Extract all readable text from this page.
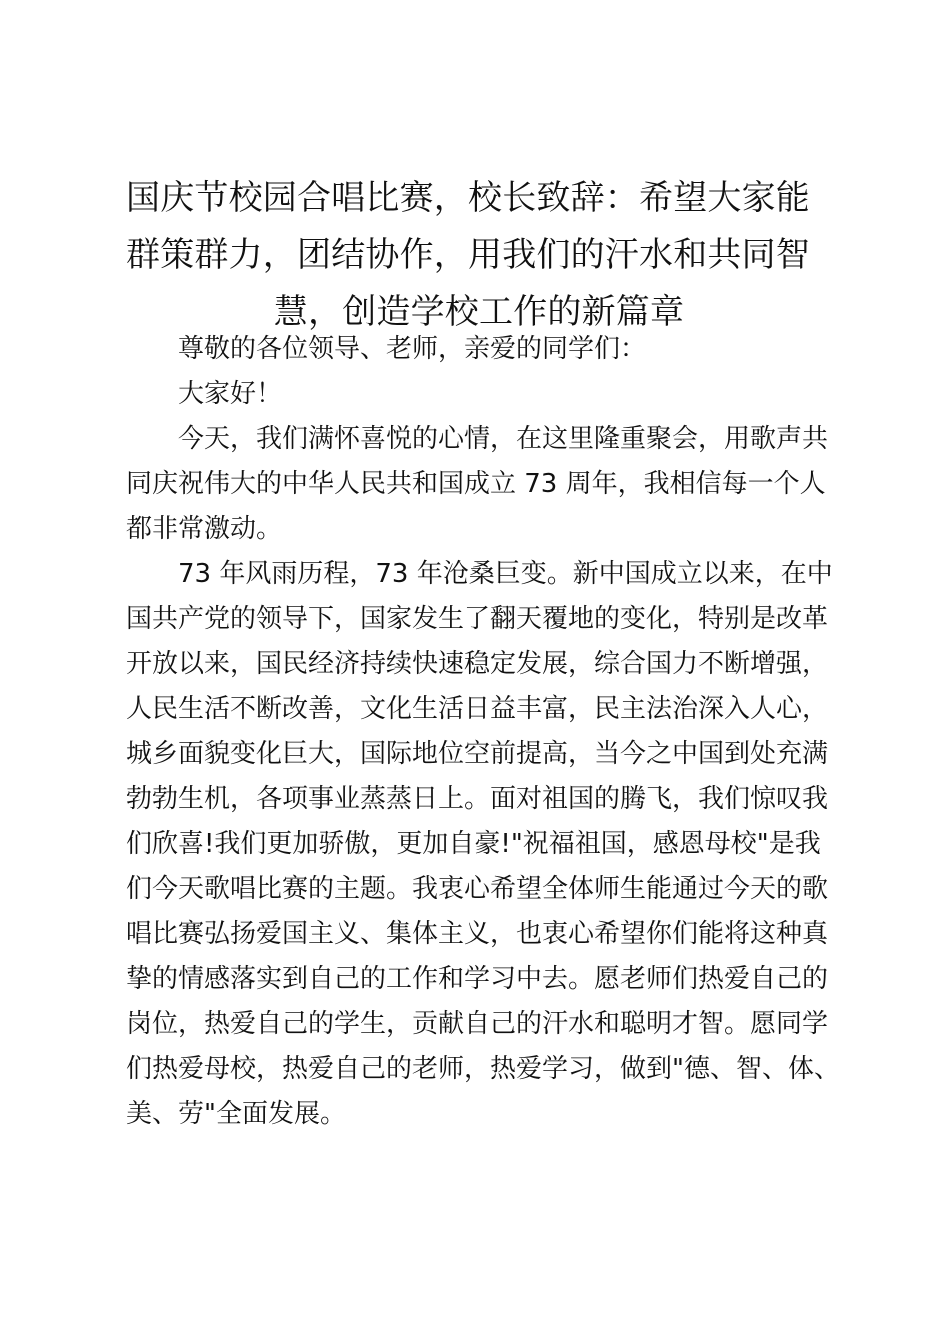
国庆节校园合唱比赛，校长致辞：希望大家能
群策群力，团结协作，用我们的汗水和共同智
慧，创造学校工作的新篇章
尊敬的各位领导、老师，亲爱的同学们：
大家好！
今天，我们满怀喜悦的心情，在这里隆重聚会，用歌声共
同庆祝伟大的中华人民共和国成立 73 周年，我相信每一个人
都非常激动。
73 年风雨历程，73 年沧桑巨变。新中国成立以来，在中
国共产党的领导下，国家发生了翻天覆地的变化，特别是改革
开放以来，国民经济持续快速稳定发展，综合国力不断增强，
人民生活不断改善，文化生活日益丰富，民主法治深入人心，
城乡面貌变化巨大，国际地位空前提高，当今之中国到处充满
勃勃生机，各项事业蒸蒸日上。面对祖国的腾飞，我们惊叹我
们欣喜!我们更加骄傲，更加自豪!"祝福祖国，感恩母校"是我
们今天歌唱比赛的主题。我衷心希望全体师生能通过今天的歌
唱比赛弘扬爱国主义、集体主义，也衷心希望你们能将这种真
挚的情感落实到自己的工作和学习中去。愿老师们热爱自己的
岗位，热爱自己的学生，贡献自己的汗水和聪明才智。愿同学
们热爱母校，热爱自己的老师，热爱学习，做到"德、智、体、
美、劳"全面发展。
